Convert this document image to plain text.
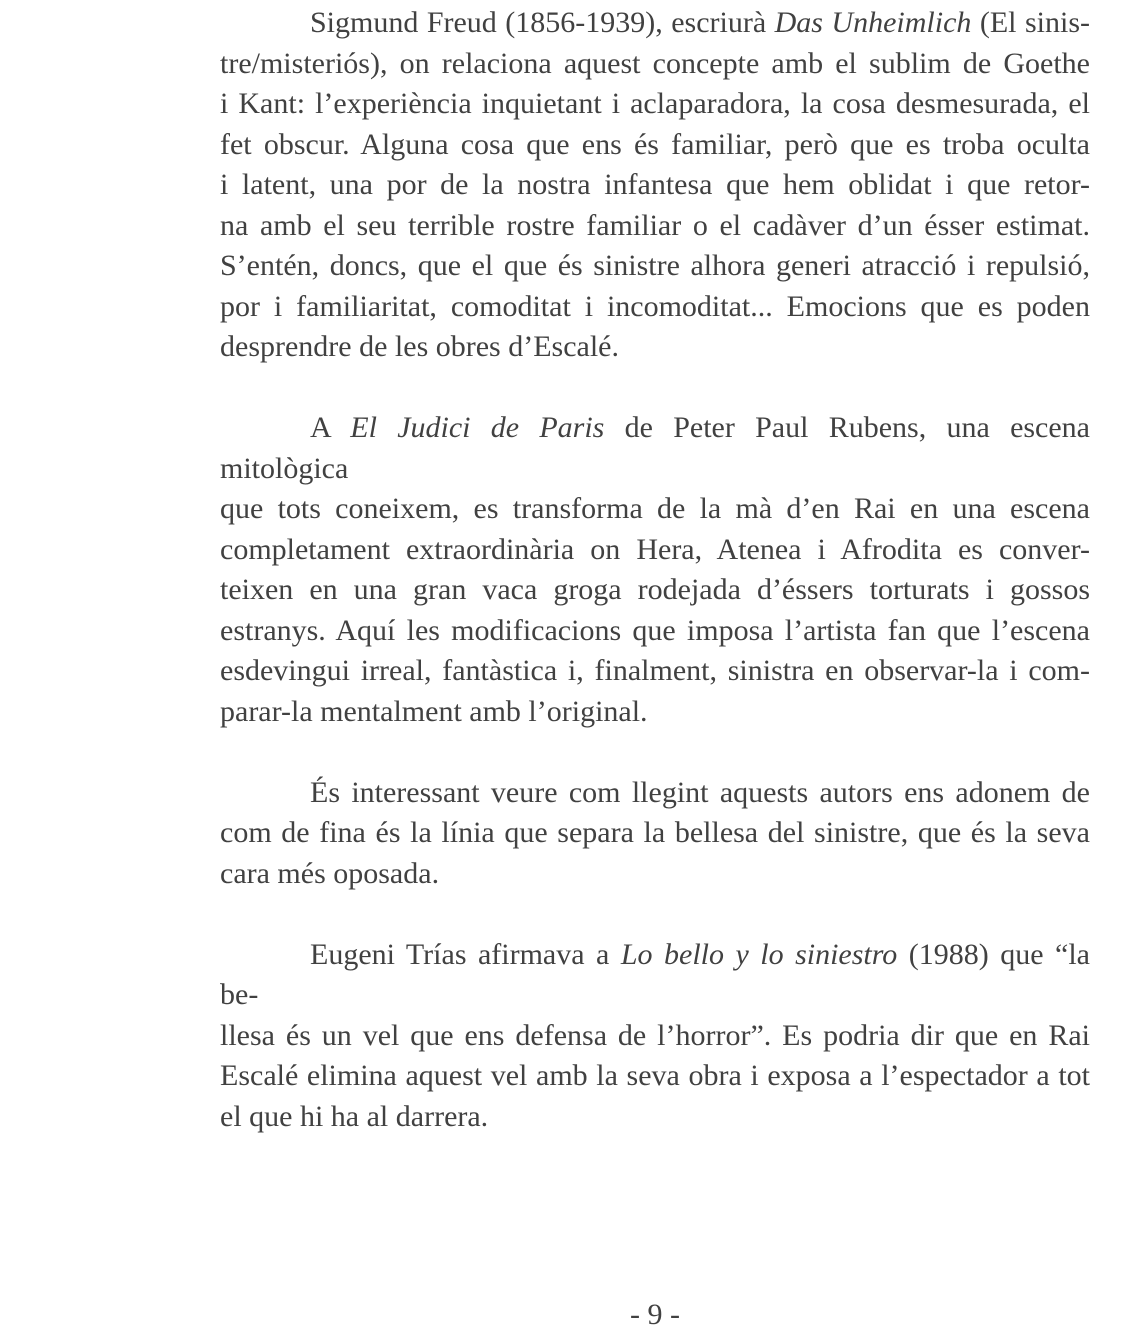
Sigmund Freud (1856-1939), escriurà Das Unheimlich (El sinis-
tre/misteriós), on relaciona aquest concepte amb el sublim de Goethe
i Kant: l’experiència inquietant i aclaparadora, la cosa desmesurada, el
fet obscur. Alguna cosa que ens és familiar, però que es troba oculta
i latent, una por de la nostra infantesa que hem oblidat i que retor-
na amb el seu terrible rostre familiar o el cadàver d’un ésser estimat.
S’entén, doncs, que el que és sinistre alhora generi atracció i repulsió,
por i familiaritat, comoditat i incomoditat... Emocions que es poden
desprendre de les obres d’Escalé.
A El Judici de Paris de Peter Paul Rubens, una escena mitològica
que tots coneixem, es transforma de la mà d’en Rai en una escena
completament extraordinària on Hera, Atenea i Afrodita es conver-
teixen en una gran vaca groga rodejada d’éssers torturats i gossos
estranys. Aquí les modificacions que imposa l’artista fan que l’escena
esdevingui irreal, fantàstica i, finalment, sinistra en observar-la i com-
parar-la mentalment amb l’original.
És interessant veure com llegint aquests autors ens adonem de
com de fina és la línia que separa la bellesa del sinistre, que és la seva
cara més oposada.
Eugeni Trías afirmava a Lo bello y lo siniestro (1988) que “la be-
llesa és un vel que ens defensa de l’horror”. Es podria dir que en Rai
Escalé elimina aquest vel amb la seva obra i exposa a l’espectador a tot
el que hi ha al darrera.
- 9 -
